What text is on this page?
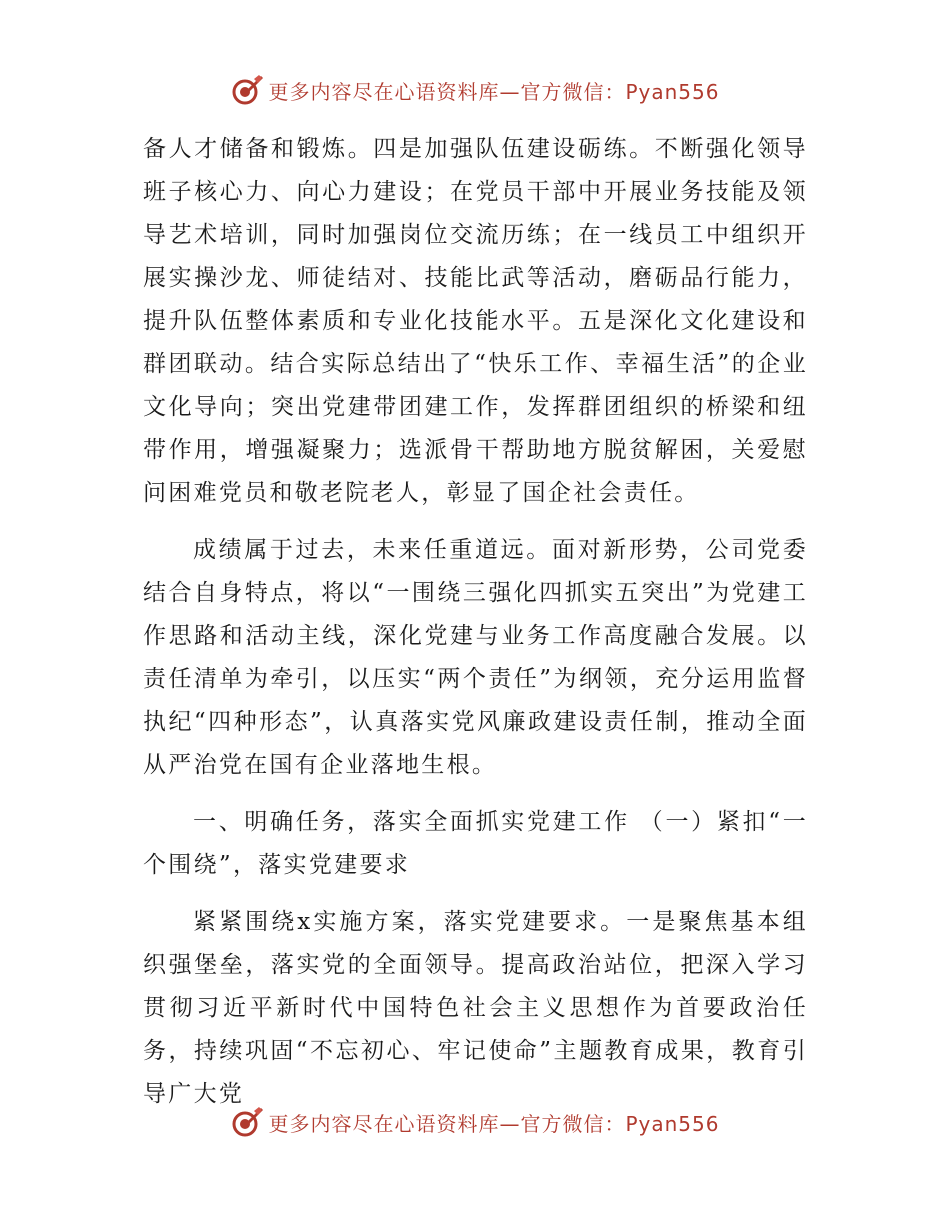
更多内容尽在心语资料库—官方微信：Pyan556

备人才储备和锻炼。四是加强队伍建设砺练。不断强化领导班子核心力、向心力建设；在党员干部中开展业务技能及领导艺术培训，同时加强岗位交流历练；在一线员工中组织开展实操沙龙、师徒结对、技能比武等活动，磨砺品行能力，提升队伍整体素质和专业化技能水平。五是深化文化建设和群团联动。结合实际总结出了“快乐工作、幸福生活”的企业文化导向；突出党建带团建工作，发挥群团组织的桥梁和纽带作用，增强凝聚力；选派骨干帮助地方脱贫解困，关爱慰问困难党员和敬老院老人，彰显了国企社会责任。

成绩属于过去，未来任重道远。面对新形势，公司党委结合自身特点，将以“一围绕三强化四抓实五突出”为党建工作思路和活动主线，深化党建与业务工作高度融合发展。以责任清单为牵引，以压实“两个责任”为纲领，充分运用监督执纪“四种形态”，认真落实党风廉政建设责任制，推动全面从严治党在国有企业落地生根。

一、明确任务，落实全面抓实党建工作 （一）紧扣“一个围绕”，落实党建要求

紧紧围绕x实施方案，落实党建要求。一是聚焦基本组织强堡垒，落实党的全面领导。提高政治站位，把深入学习贯彻习近平新时代中国特色社会主义思想作为首要政治任务，持续巩固“不忘初心、牢记使命”主题教育成果，教育引导广大党

更多内容尽在心语资料库—官方微信：Pyan556
